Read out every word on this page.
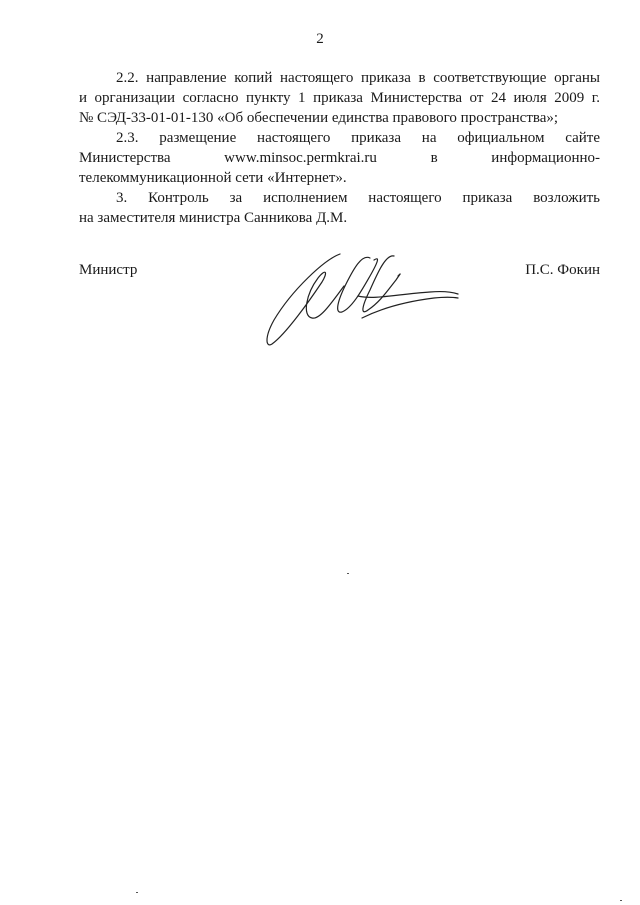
2
2.2. направление копий настоящего приказа в соответствующие органы
и организации согласно пункту 1 приказа Министерства от 24 июля 2009 г.
№ СЭД-33-01-01-130 «Об обеспечении единства правового пространства»;
2.3. размещение настоящего приказа на официальном сайте
Министерства www.minsoc.permkrai.ru в информационно-
телекоммуникационной сети «Интернет».
3. Контроль за исполнением настоящего приказа возложить
на заместителя министра Санникова Д.М.
Министр	П.С. Фокин
